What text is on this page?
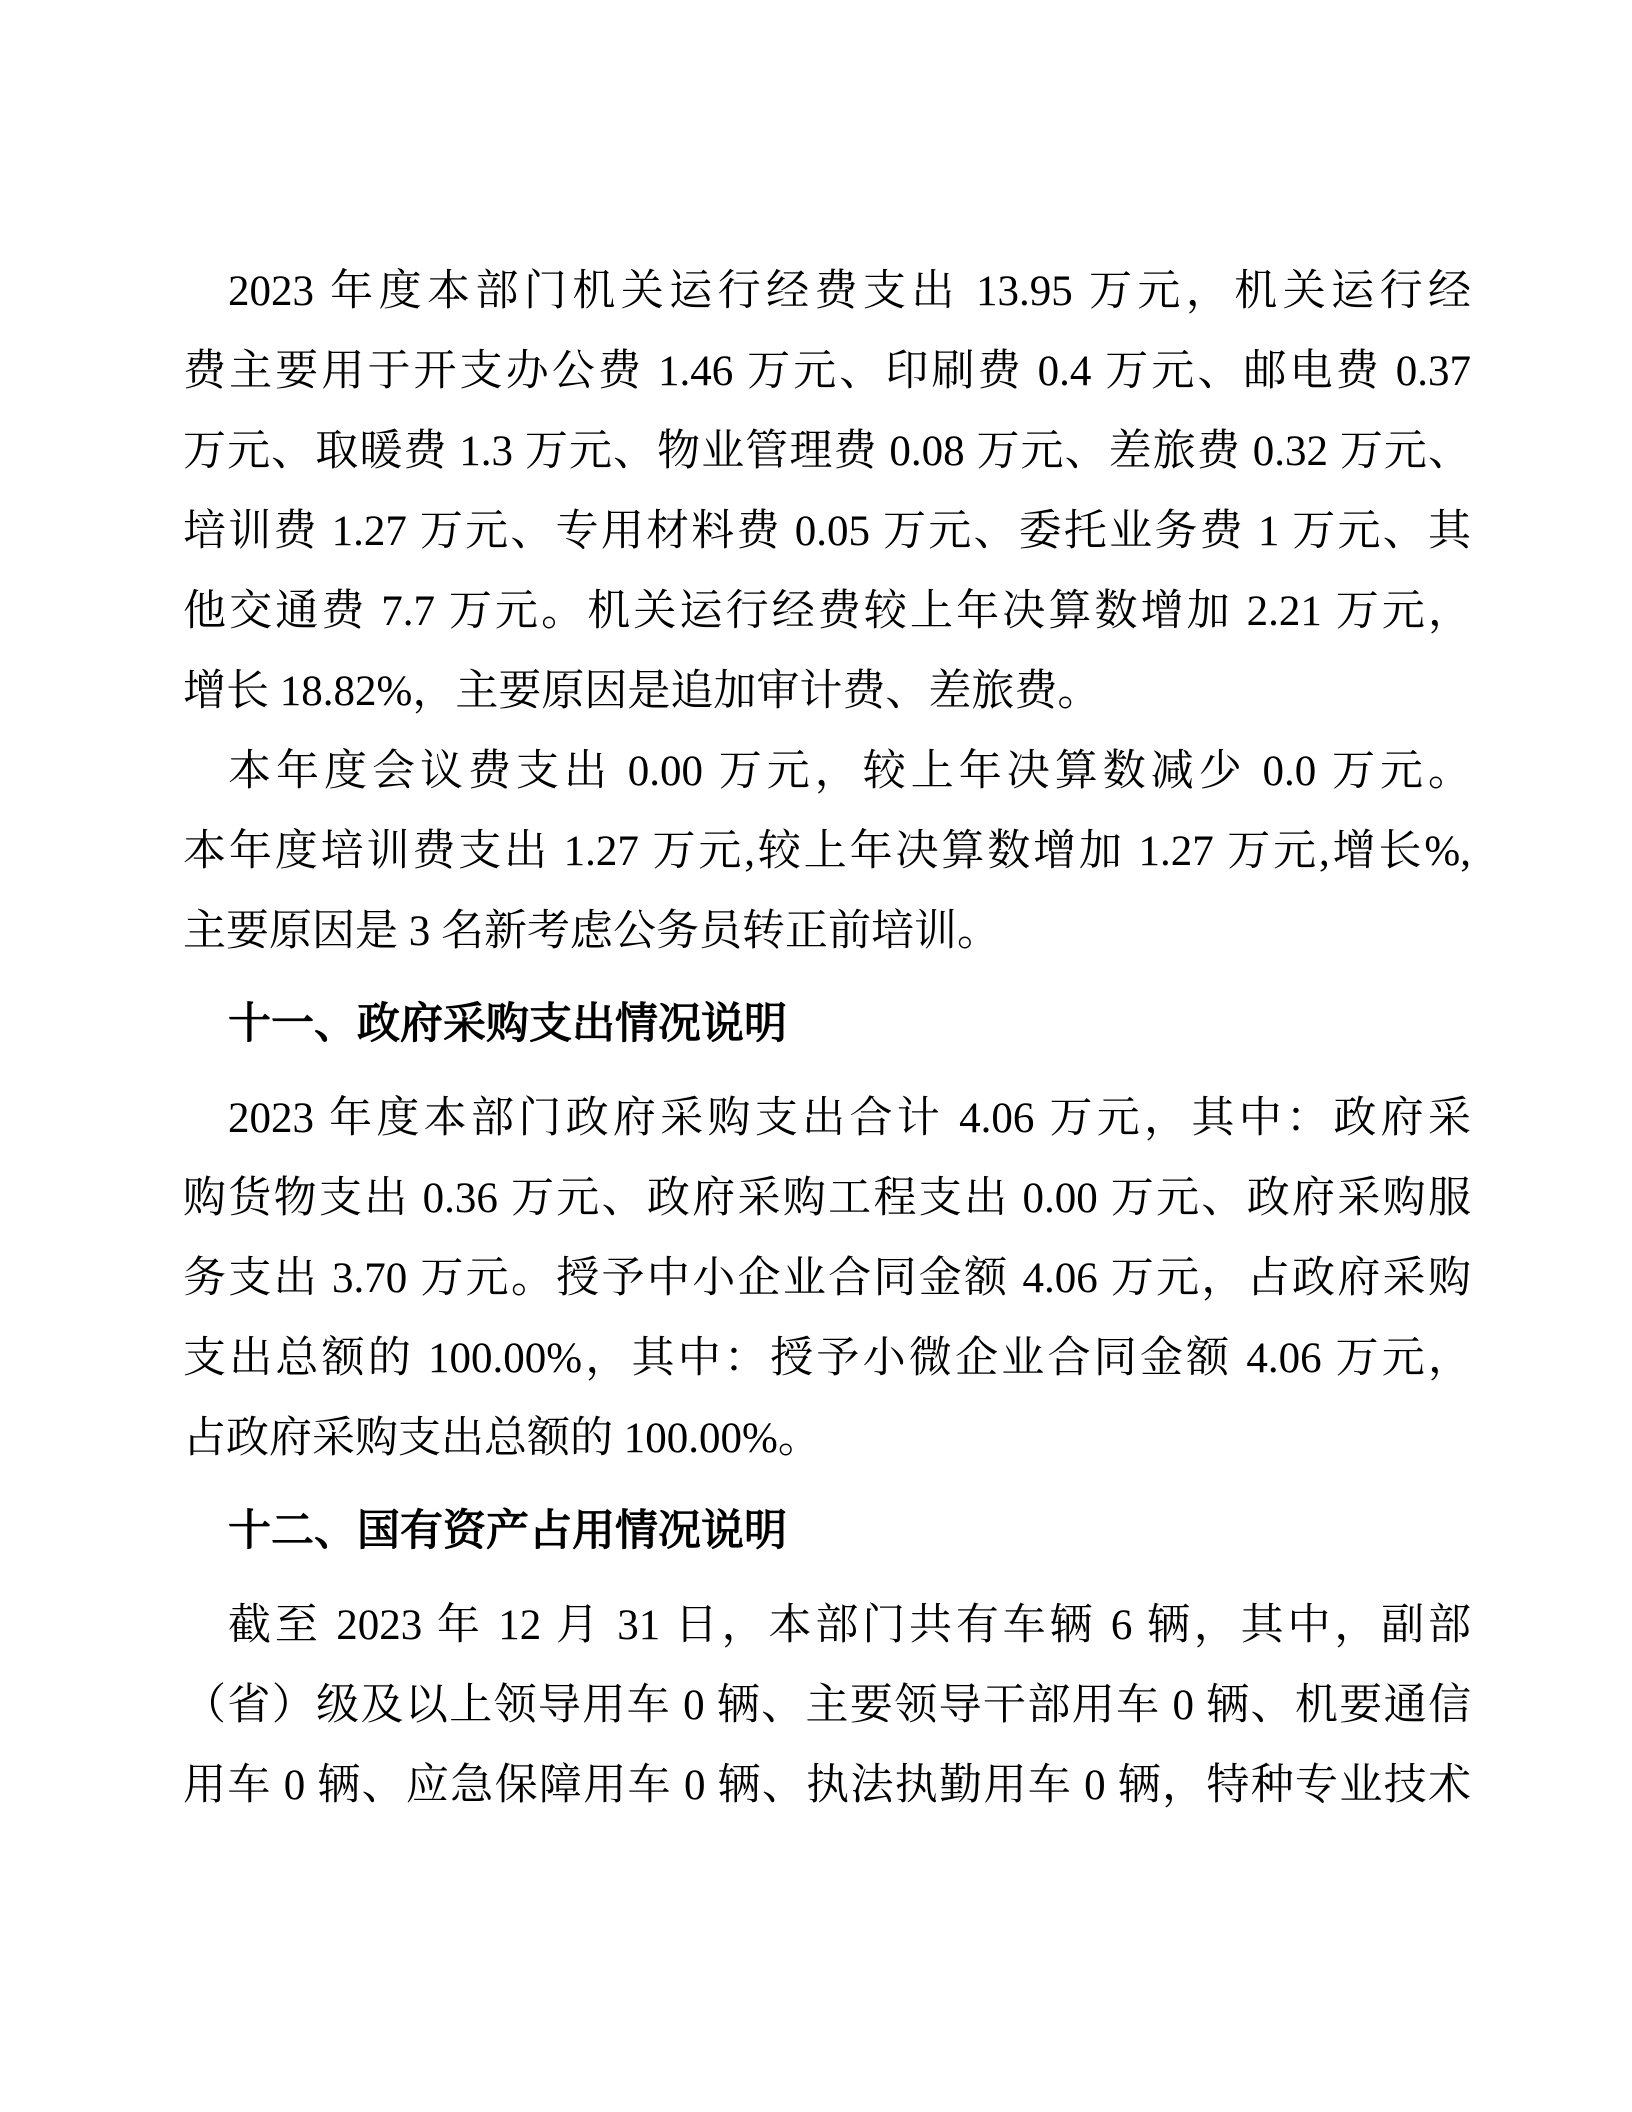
2023 年度本部门机关运行经费支出 13.95 万元，机关运行经
费主要用于开支办公费 1.46 万元、印刷费 0.4 万元、邮电费 0.37
万元、取暖费 1.3 万元、物业管理费 0.08 万元、差旅费 0.32 万元、
培训费 1.27 万元、专用材料费 0.05 万元、委托业务费 1 万元、其
他交通费 7.7 万元。机关运行经费较上年决算数增加 2.21 万元，
增长 18.82%，主要原因是追加审计费、差旅费。
本年度会议费支出 0.00 万元，较上年决算数减少 0.0 万元。
本年度培训费支出 1.27 万元,较上年决算数增加 1.27 万元,增长%,
主要原因是 3 名新考虑公务员转正前培训。
十一、政府采购支出情况说明
2023 年度本部门政府采购支出合计 4.06 万元，其中：政府采
购货物支出 0.36 万元、政府采购工程支出 0.00 万元、政府采购服
务支出 3.70 万元。授予中小企业合同金额 4.06 万元，占政府采购
支出总额的 100.00%，其中：授予小微企业合同金额 4.06 万元，
占政府采购支出总额的 100.00%。
十二、国有资产占用情况说明
截至 2023 年 12 月 31 日，本部门共有车辆 6 辆，其中，副部
（省）级及以上领导用车 0 辆、主要领导干部用车 0 辆、机要通信
用车 0 辆、应急保障用车 0 辆、执法执勤用车 0 辆，特种专业技术
